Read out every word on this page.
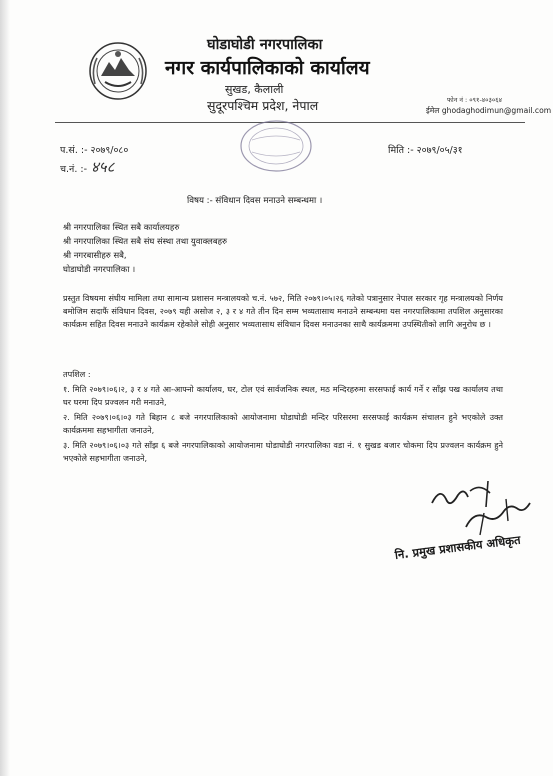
घोडाघोडी नगरपालिका
नगर कार्यपालिकाको कार्यालय
सुखड, कैलाली
सुदूरपश्चिम प्रदेश, नेपाल	फोन नं : ०९१-४०३०६४
ईमेल ghodaghodimun@gmail.com
प.सं. :- २०७९/०८०
च.नं. :- ४५८
मिति :- २०७९/०५/३१
विषय :- संविधान दिवस मनाउने सम्बन्धमा ।
श्री नगरपालिका स्थित सबै कार्यालयहरु
श्री नगरपालिका स्थित सबै संघ संस्था तथा युवाक्लबहरु
श्री नगरबासीहरु सबै,
घोडाघोडी नगरपालिका ।
प्रस्तुत विषयमा संघीय मामिला तथा सामान्य प्रशासन मन्त्रालयको च.नं. ५७२, मिति २०७९।०५।२६ गतेको पत्रानुसार नेपाल सरकार गृह मन्त्रालयको निर्णय बमोजिम सदाफैं संविधान दिवस, २०७९ यही असोज २, ३ र ४ गते तीन दिन सम्म भव्यतासाथ मनाउने सम्बन्धमा यस नगरपालिकामा तपशिल अनुसारका कार्यक्रम सहित दिवस मनाउने कार्यक्रम रहेकोले सोही अनुसार भव्यतासाथ संविधान दिवस मनाउनका साथै कार्यक्रममा उपस्थितीको लागि अनुरोध छ ।
तपशिल :
१. मिति २०७९।०६।२, ३ र ४ गते आ-आफ्नो कार्यालय, घर, टोल एवं सार्वजनिक स्थल, मठ मन्दिरहरुमा सरसफाई कार्य गर्ने र साँझ पख कार्यालय तथा घर घरमा दिप प्रज्वलन गरी मनाउने,
२. मिति २०७९।०६।०३ गते बिहान ८ बजे नगरपालिकाको आयोजनामा घोडाघोडी मन्दिर परिसरमा सरसफाई कार्यक्रम संचालन हुने भएकोले उक्त कार्यक्रममा सहभागीता जनाउने,
३. मिति २०७९।०६।०३ गते साँझ ६ बजे नगरपालिकाको आयोजनामा घोडाघोडी नगरपालिका वडा नं. १ सुखड बजार चोकमा दिप प्रज्वलन कार्यक्रम हुने भएकोले सहभागीता जनाउने,
नि. प्रमुख प्रशासकीय अधिकृत
